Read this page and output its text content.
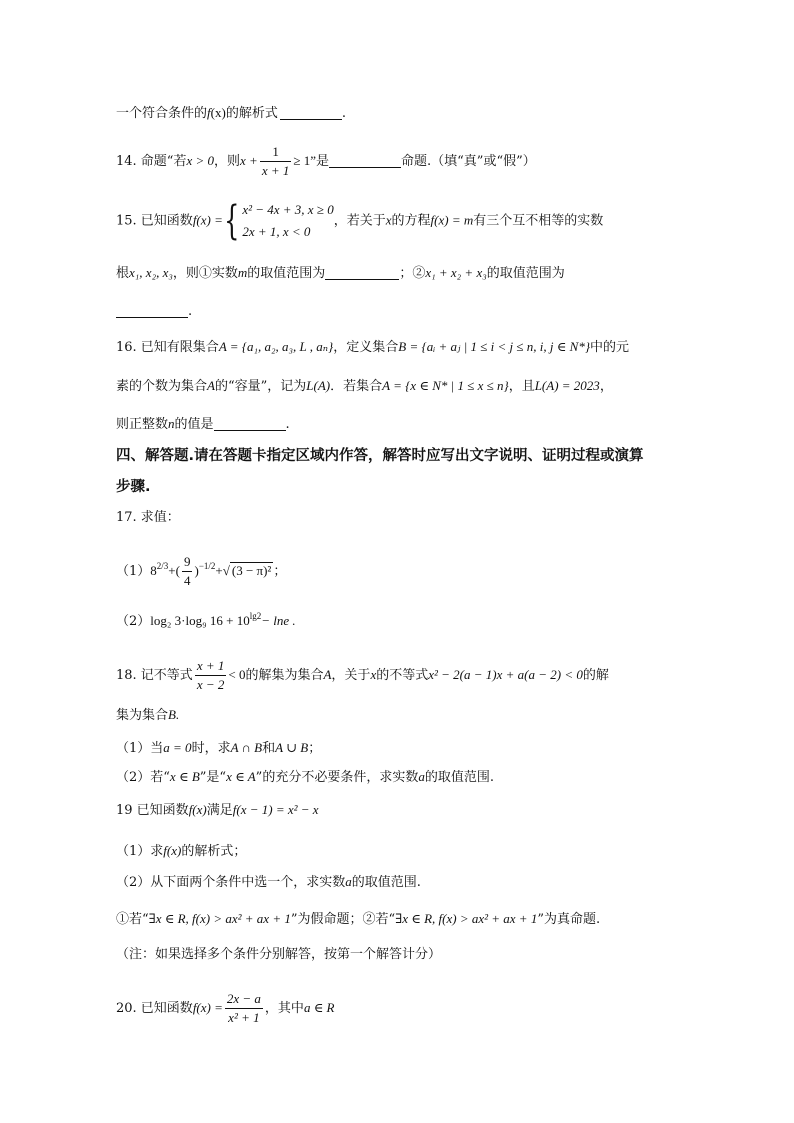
一个符合条件的f(x)的解析式	.
14. 命题“若x > 0，则$x + \frac{1}{x + 1} \ge 1$”是	命题.（填“真”或“假”）
15. 已知函数f(x) ={ x² − 4x + 3, x ≥ 0
2x + 1, x < 0
，若关于x的方程f(x) = m有三个互不相等的实数
根x₁, x₂, x₃，则①实数m的取值范围为	；②x₁ + x₂ + x₃的取值范围为
.
16. 已知有限集合A = {a₁, a₂, a₃, L , aₙ}，定义集合B = {aᵢ + aⱼ | 1 ≤ i < j ≤ n, i, j ∈ N*}中的元
素的个数为集合A的“容量”，记为L(A)．若集合A = {x ∈ N* | 1 ≤ x ≤ n}，且L(A) = 2023，
则正整数n的值是	.
四、解答题.请在答题卡指定区域内作答，解答时应写出文字说明、证明过程或演算
步骤.
17. 求值：
$(1)8^{2/3}+( \frac{9}{4} )^{-1/2}+√$ (3 − π)² ；
（2）log₂ 3·log₉ $16 + 10^{lg2}- \ln e$ .
18. 记不等式 $\frac{x + 1}{x - 2} < 0$的解集为集合A，关于x的不等式x² − 2(a − 1)x + a(a − 2) < 0的解
集为集合B.
（1）当a = 0时，求A ∩ B和A ∪ B；
（2）若“x ∈ B”是“x ∈ A”的充分不必要条件，求实数a的取值范围.
19 已知函数f(x)满足f(x − 1) = x² − x
（1）求f(x)的解析式；
（2）从下面两个条件中选一个，求实数a的取值范围.
①若“∃x ∈ R, f(x) > ax² + ax + 1”为假命题；②若“∃x ∈ R, f(x) > ax² + ax + 1”为真命题.
（注：如果选择多个条件分别解答，按第一个解答计分）
20. 已知函数$f(x) = \frac{2x - a}{\text{x² + 1}}$ ，其中a ∈ R
